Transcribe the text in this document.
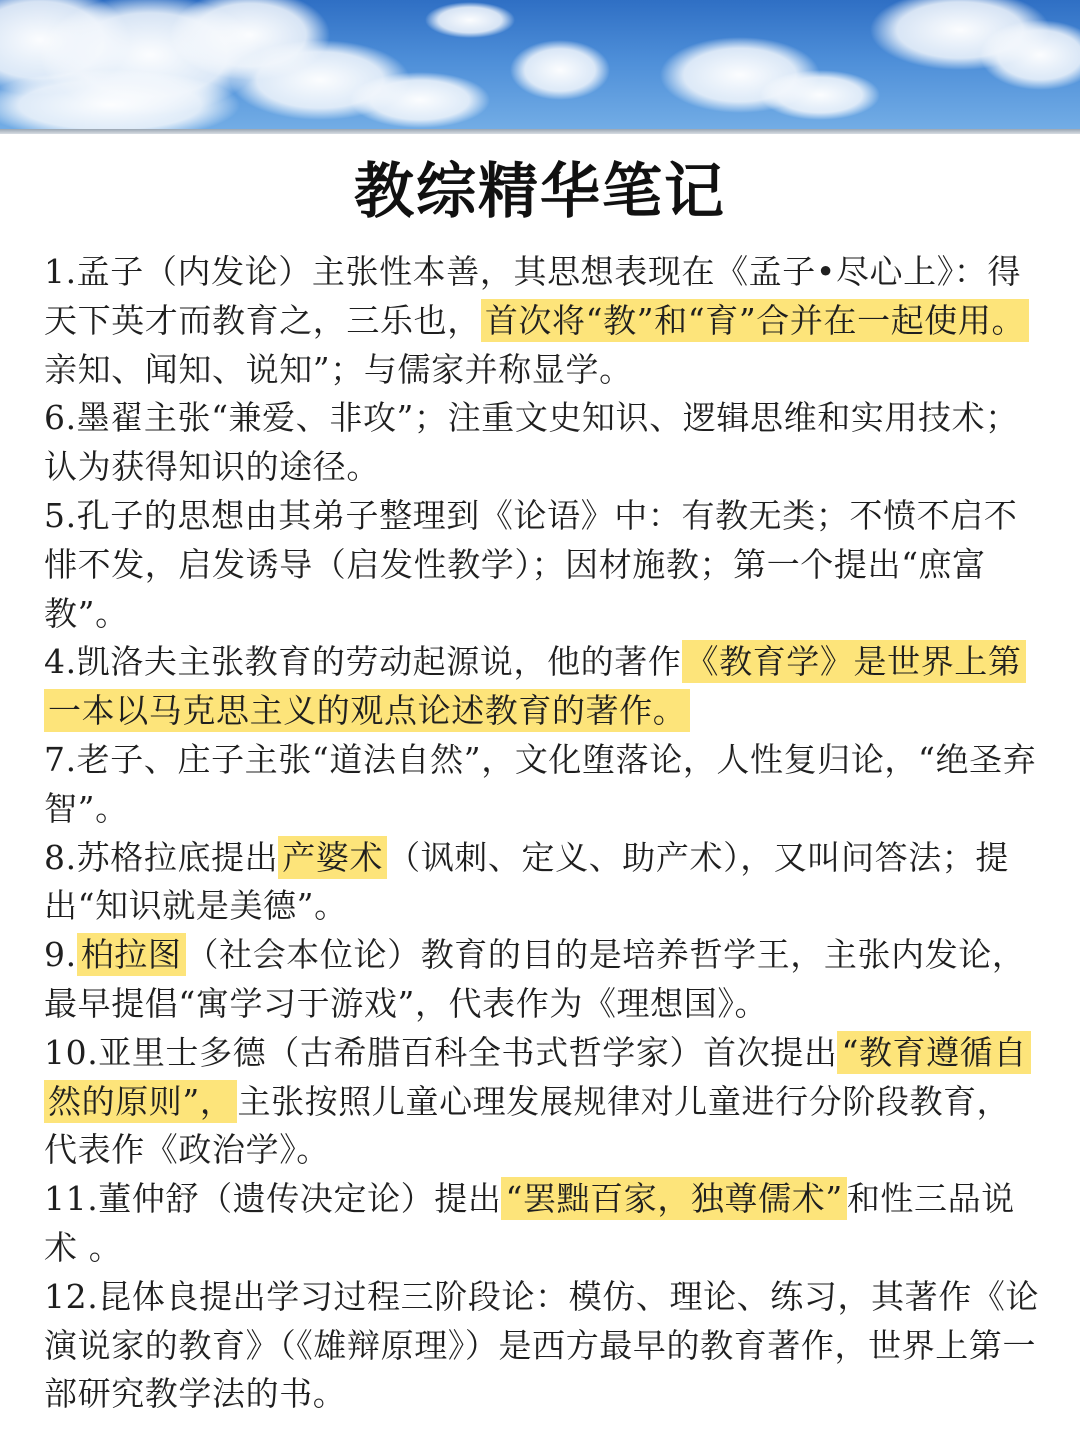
教综精华笔记

1.孟子（内发论）主张性本善，其思想表现在《孟子•尽心上》：得天下英才而教育之，三乐也， 首次将“教”和“育”合并在一起使用。亲知、闻知、说知”；与儒家并称显学。

6.墨翟主张“兼爱、非攻”；注重文史知识、逻辑思维和实用技术；认为获得知识的途径。

5.孔子的思想由其弟子整理到《论语》中：有教无类；不愤不启不悱不发，启发诱导（启发性教学）；因材施教；第一个提出“庶富教”。

4.凯洛夫主张教育的劳动起源说，他的著作 《教育学》是世界上第一本以马克思主义的观点论述教育的著作。

7.老子、庄子主张“道法自然”，文化堕落论，人性复归论，“绝圣弃智”。

8.苏格拉底提出 产婆术 （讽刺、定义、助产术），又叫问答法；提出“知识就是美德”。

9. 柏拉图 （社会本位论）教育的目的是培养哲学王，主张内发论，最早提倡“寓学习于游戏”，代表作为《理想国》。

10.亚里士多德（古希腊百科全书式哲学家）首次提出 “教育遵循自然的原则”， 主张按照儿童心理发展规律对儿童进行分阶段教育，代表作《政治学》。

11.董仲舒（遗传决定论）提出 “罢黜百家，独尊儒术” 和性三品说术 。

12.昆体良提出学习过程三阶段论：模仿、理论、练习，其著作《论演说家的教育》（《雄辩原理》）是西方最早的教育著作，世界上第一部研究教学法的书。
